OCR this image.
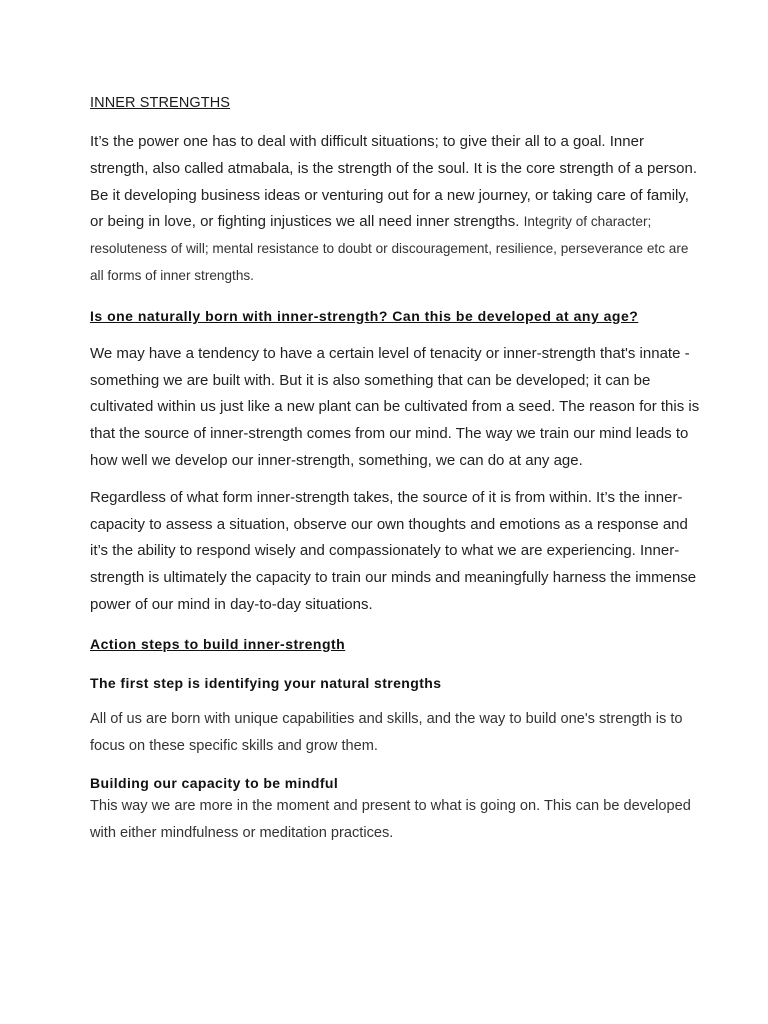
INNER STRENGTHS

It’s the power one has to deal with difficult situations; to give their all to a goal. Inner strength, also called atmabala, is the strength of the soul. It is the core strength of a person. Be it developing business ideas or venturing out for a new journey, or taking care of family, or being in love, or fighting injustices we all need inner strengths. Integrity of character; resoluteness of will; mental resistance to doubt or discouragement, resilience, perseverance etc are all forms of inner strengths.

Is one naturally born with inner-strength? Can this be developed at any age?

We may have a tendency to have a certain level of tenacity or inner-strength that's innate - something we are built with. But it is also something that can be developed; it can be cultivated within us just like a new plant can be cultivated from a seed. The reason for this is that the source of inner-strength comes from our mind. The way we train our mind leads to how well we develop our inner-strength, something, we can do at any age.

Regardless of what form inner-strength takes, the source of it is from within. It’s the inner-capacity to assess a situation, observe our own thoughts and emotions as a response and it’s the ability to respond wisely and compassionately to what we are experiencing. Inner-strength is ultimately the capacity to train our minds and meaningfully harness the immense power of our mind in day-to-day situations.

Action steps to build inner-strength
The first step is identifying your natural strengths

All of us are born with unique capabilities and skills, and the way to build one's strength is to focus on these specific skills and grow them.

Building our capacity to be mindful

This way we are more in the moment and present to what is going on. This can be developed with either mindfulness or meditation practices.
